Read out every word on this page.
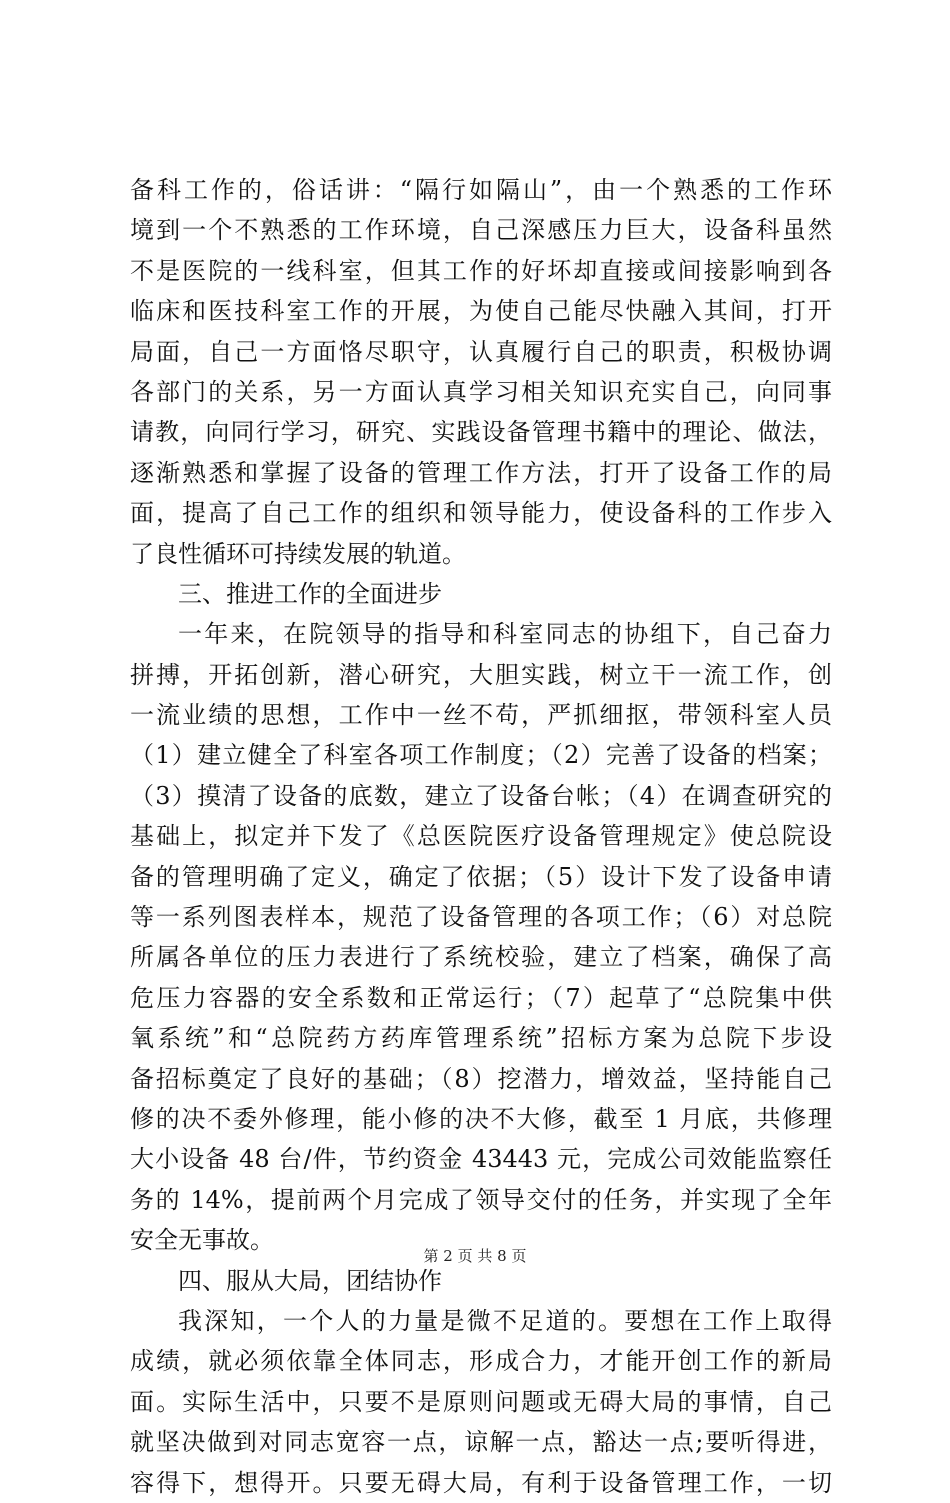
备科工作的，俗话讲：“隔行如隔山”，由一个熟悉的工作环
境到一个不熟悉的工作环境，自己深感压力巨大，设备科虽然
不是医院的一线科室，但其工作的好坏却直接或间接影响到各
临床和医技科室工作的开展，为使自己能尽快融入其间，打开
局面，自己一方面恪尽职守，认真履行自己的职责，积极协调
各部门的关系，另一方面认真学习相关知识充实自己，向同事
请教，向同行学习，研究、实践设备管理书籍中的理论、做法，
逐渐熟悉和掌握了设备的管理工作方法，打开了设备工作的局
面，提高了自己工作的组织和领导能力，使设备科的工作步入
了良性循环可持续发展的轨道。
三、推进工作的全面进步
一年来，在院领导的指导和科室同志的协组下，自己奋力
拼搏，开拓创新，潜心研究，大胆实践，树立干一流工作，创
一流业绩的思想，工作中一丝不苟，严抓细抠，带领科室人员
（1）建立健全了科室各项工作制度；（2）完善了设备的档案；
（3）摸清了设备的底数，建立了设备台帐；（4）在调查研究的
基础上，拟定并下发了《总医院医疗设备管理规定》使总院设
备的管理明确了定义，确定了依据；（5）设计下发了设备申请
等一系列图表样本，规范了设备管理的各项工作；（6）对总院
所属各单位的压力表进行了系统校验，建立了档案，确保了高
危压力容器的安全系数和正常运行；（7）起草了“总院集中供
氧系统”和“总院药方药库管理系统”招标方案为总院下步设
备招标奠定了良好的基础；（8）挖潜力，增效益，坚持能自己
修的决不委外修理，能小修的决不大修，截至 1 月底，共修理
大小设备 48 台/件，节约资金 43443 元，完成公司效能监察任
务的 14%，提前两个月完成了领导交付的任务，并实现了全年
安全无事故。
四、服从大局，团结协作
我深知，一个人的力量是微不足道的。要想在工作上取得
成绩，就必须依靠全体同志，形成合力，才能开创工作的新局
面。实际生活中，只要不是原则问题或无碍大局的事情，自己
就坚决做到对同志宽容一点，谅解一点，豁达一点;要听得进，
容得下，想得开。只要无碍大局，有利于设备管理工作，一切
第 2 页 共 8 页
